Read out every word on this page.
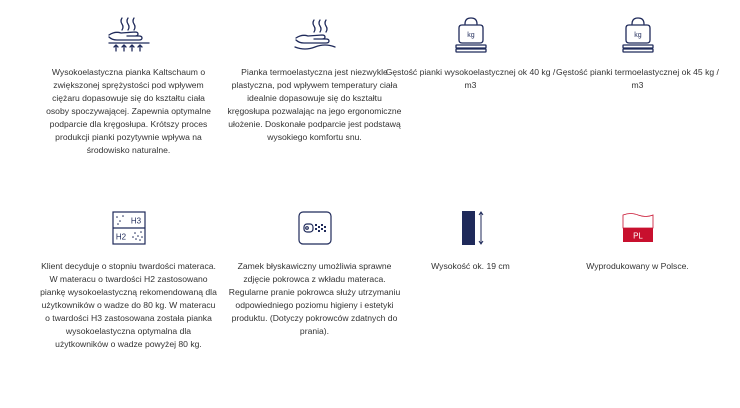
Wysokoelastyczna pianka Kaltschaum o zwiększonej sprężystości pod wpływem ciężaru dopasowuje się do kształtu ciała osoby spoczywającej. Zapewnia optymalne podparcie dla kręgosłupa. Krótszy proces produkcji pianki pozytywnie wpływa na środowisko naturalne.

Pianka termoelastyczna jest niezwykle plastyczna, pod wpływem temperatury ciała idealnie dopasowuje się do kształtu kręgosłupa pozwalając na jego ergonomiczne ułożenie. Doskonałe podparcie jest podstawą wysokiego komfortu snu.

kg

Gęstość pianki wysokoelastycznej ok 40 kg / m3

kg

Gęstość pianki termoelastycznej ok 45 kg / m3

H3
H2

Klient decyduje o stopniu twardości materaca. W materacu o twardości H2 zastosowano piankę wysokoelastyczną rekomendowaną dla użytkowników o wadze do 80 kg. W materacu o twardości H3 zastosowana została pianka wysokoelastyczna optymalna dla użytkowników o wadze powyżej 80 kg.

Zamek błyskawiczny umożliwia sprawne zdjęcie pokrowca z wkładu materaca. Regularne pranie pokrowca służy utrzymaniu odpowiedniego poziomu higieny i estetyki produktu. (Dotyczy pokrowców zdatnych do prania).

Wysokość ok. 19 cm

PL

Wyprodukowany w Polsce.
